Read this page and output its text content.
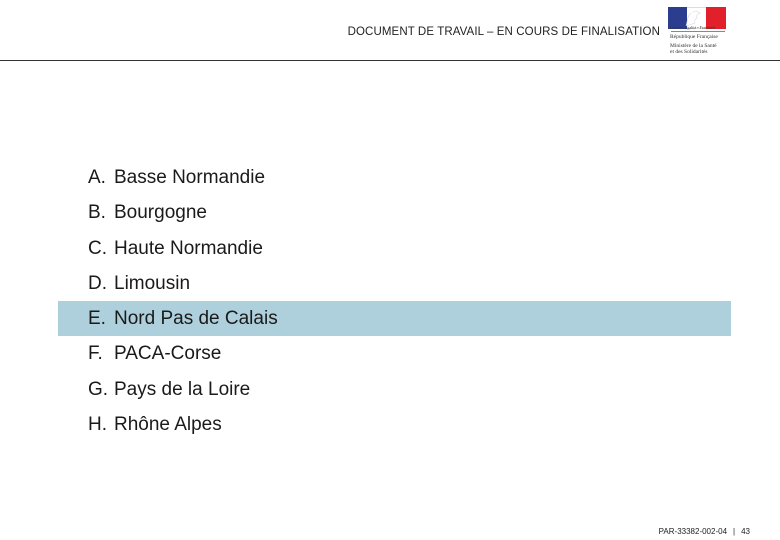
DOCUMENT DE TRAVAIL – EN COURS DE FINALISATION	Liberté • Égalité • Fraternité
République Française
Ministère de la Santé
et des Solidarités
A. Basse Normandie
B. Bourgogne
C. Haute Normandie
D. Limousin
E. Nord Pas de Calais
F. PACA-Corse
G. Pays de la Loire
H. Rhône Alpes
PAR-33382-002-04 | 43
